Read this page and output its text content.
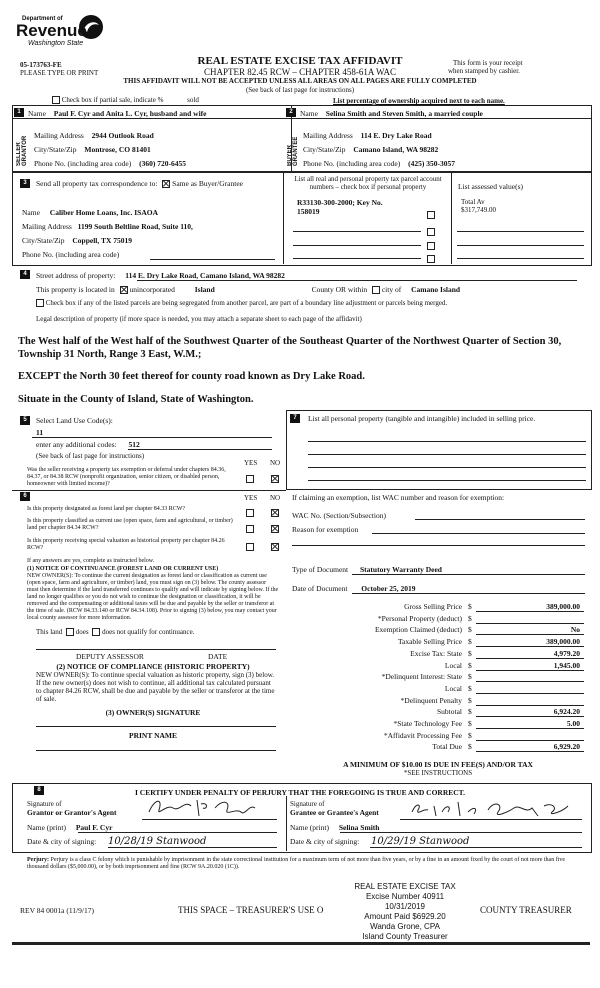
Department of
Revenue
Washington State
05-173763-FE
PLEASE TYPE OR PRINT
REAL ESTATE EXCISE TAX AFFIDAVIT
CHAPTER 82.45 RCW – CHAPTER 458-61A WAC
THIS AFFIDAVIT WILL NOT BE ACCEPTED UNLESS ALL AREAS ON ALL PAGES ARE FULLY COMPLETED
(See back of last page for instructions)
This form is your receipt
when stamped by cashier.
Check box if partial sale, indicate %	sold	List percentage of ownership acquired next to each name.
1 Name Paul F. Cyr and Anita L. Cyr, husband and wife
SELLER GRANTOR
Mailing Address 2944 Outlook Road
City/State/Zip Montrose, CO 81401
Phone No. (including area code) (360) 720-6455
2 Name Selina Smith and Steven Smith, a married couple
BUYER GRANTEE
Mailing Address 114 E. Dry Lake Road
City/State/Zip Camano Island, WA 98282
Phone No. (including area code) (425) 350-3057
3	Send all property tax correspondence to: Same as Buyer/Grantee
Name Caliber Home Loans, Inc. ISAOA
Mailing Address 1199 South Beltline Road, Suite 110,
City/State/Zip Coppell, TX 75019
Phone No. (including area code)
List all real and personal property tax parcel account
numbers – check box if personal property
R33130-300-2000; Key No.
158019
List assessed value(s)
Total Av
$317,749.00
4	Street address of property: 114 E. Dry Lake Road, Camano Island, WA 98282
This property is located in unincorporated	Island	County OR within city of Camano Island
Check box if any of the listed parcels are being segregated from another parcel, are part of a boundary line adjustment or parcels being merged.
Legal description of property (if more space is needed, you may attach a separate sheet to each page of the affidavit)
The West half of the West half of the Southwest Quarter of the Southeast Quarter of the Northwest Quarter of Section 30, Township 31 North, Range 3 East, W.M.;
EXCEPT the North 30 feet thereof for county road known as Dry Lake Road.
Situate in the County of Island, State of Washington.
5	Select Land Use Code(s):
11
enter any additional codes: 512
(See back of last page for instructions)
YES NO
Was the seller receiving a property tax exemption or deferral under chapters 84.36, 84.37, or 84.38 RCW (nonprofit organization, senior citizen, or disabled person, homeowner with limited income)?
6	YES NO
Is this property designated as forest land per chapter 84.33 RCW?
Is this property classified as current use (open space, farm and agricultural, or timber) land per chapter 84.34 RCW?
Is this property receiving special valuation as historical property per chapter 84.26 RCW?
If any answers are yes, complete as instructed below.
(1) NOTICE OF CONTINUANCE (FOREST LAND OR CURRENT USE)
NEW OWNER(S): To continue the current designation as forest land or classification as current use (open space, farm and agriculture, or timber) land, you must sign on (3) below. The county assessor must then determine if the land transferred continues to qualify and will indicate by signing below. If the land no longer qualifies or you do not wish to continue the designation or classification, it will be removed and the compensating or additional taxes will be due and payable by the seller or transferor at the time of sale. (RCW 84.33.140 or RCW 84.34.108). Prior to signing (3) below, you may contact your local county assessor for more information.
This land does does not qualify for continuance.
DEPUTY ASSESSOR	DATE
(2) NOTICE OF COMPLIANCE (HISTORIC PROPERTY)
NEW OWNER(S): To continue special valuation as historic property, sign (3) below. If the new owner(s) does not wish to continue, all additional tax calculated pursuant to chapter 84.26 RCW, shall be due and payable by the seller or transferor at the time of sale.
(3) OWNER(S) SIGNATURE
PRINT NAME
7	List all personal property (tangible and intangible) included in selling price.
If claiming an exemption, list WAC number and reason for exemption:
WAC No. (Section/Subsection)
Reason for exemption
Type of Document Statutory Warranty Deed
Date of Document October 25, 2019
Gross Selling Price $	389,000.00
*Personal Property (deduct) $
Exemption Claimed (deduct) $	No
Taxable Selling Price $	389,000.00
Excise Tax: State $	4,979.20
Local $	1,945.00
*Delinquent Interest: State $
Local $
*Delinquent Penalty $
Subtotal $	6,924.20
*State Technology Fee $	5.00
*Affidavit Processing Fee $
Total Due $	6,929.20
A MINIMUM OF $10.00 IS DUE IN FEE(S) AND/OR TAX
*SEE INSTRUCTIONS
8	I CERTIFY UNDER PENALTY OF PERJURY THAT THE FOREGOING IS TRUE AND CORRECT.
Signature of
Grantor or Grantor's Agent
Name (print) Paul F. Cyr
Date & city of signing: 10/28/19 Stanwood
Signature of
Grantee or Grantee's Agent
Name (print) Selina Smith
Date & city of signing: 10/29/19 Stanwood
Perjury: Perjury is a class C felony which is punishable by imprisonment in the state correctional institution for a maximum term of not more than five years, or by a fine in an amount fixed by the court of not more than five thousand dollars ($5,000.00), or by both imprisonment and fine (RCW 9A.20.020 (1C)).
REV 84 0001a (11/9/17)	THIS SPACE – TREASURER'S USE O	COUNTY TREASURER
REAL ESTATE EXCISE TAX
Excise Number 40911
10/31/2019
Amount Paid $6929.20
Wanda Grone, CPA
Island County Treasurer
